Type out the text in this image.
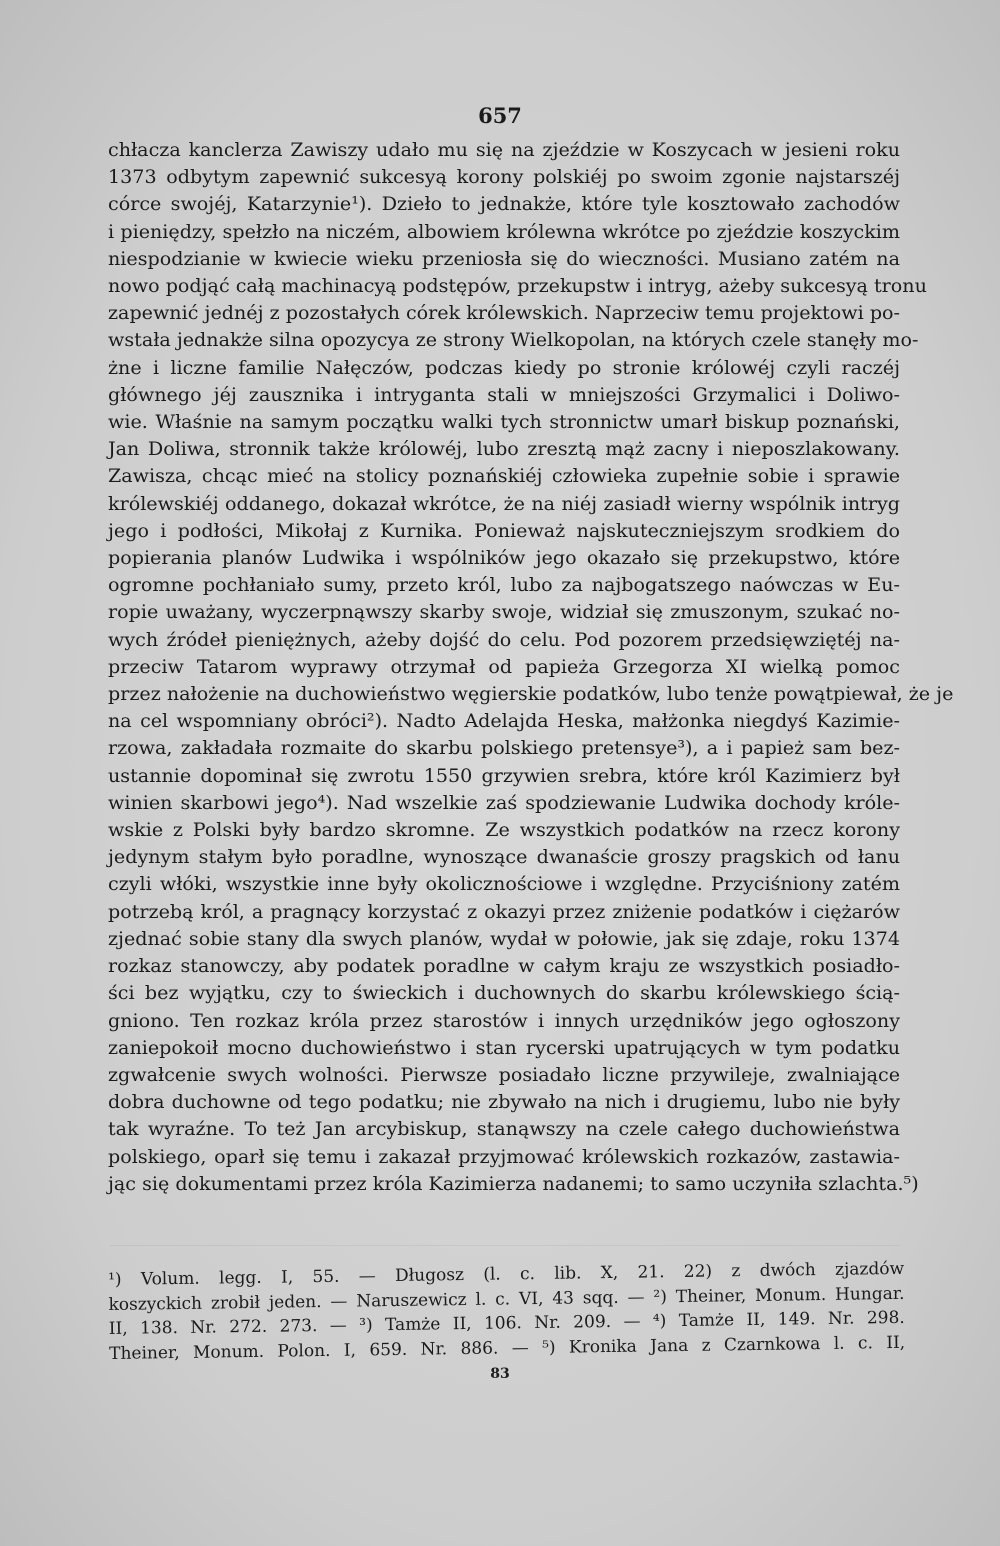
657
chłacza kanclerza Zawiszy udało mu się na zjeździe w Koszycach w jesieni roku
1373 odbytym zapewnić sukcesyą korony polskiéj po swoim zgonie najstarszéj
córce swojéj, Katarzynie¹). Dzieło to jednakże, które tyle kosztowało zachodów
i pieniędzy, spełzło na niczém, albowiem królewna wkrótce po zjeździe koszyckim
niespodzianie w kwiecie wieku przeniosła się do wieczności. Musiano zatém na
nowo podjąć całą machinacyą podstępów, przekupstw i intryg, ażeby sukcesyą tronu
zapewnić jednéj z pozostałych córek królewskich. Naprzeciw temu projektowi po-
wstała jednakże silna opozycya ze strony Wielkopolan, na których czele stanęły mo-
żne i liczne familie Nałęczów, podczas kiedy po stronie królowéj czyli raczéj
głównego jéj zausznika i intryganta stali w mniejszości Grzymalici i Doliwo-
wie. Właśnie na samym początku walki tych stronnictw umarł biskup poznański,
Jan Doliwa, stronnik także królowéj, lubo zresztą mąż zacny i nieposzlakowany.
Zawisza, chcąc mieć na stolicy poznańskiéj człowieka zupełnie sobie i sprawie
królewskiéj oddanego, dokazał wkrótce, że na niéj zasiadł wierny wspólnik intryg
jego i podłości, Mikołaj z Kurnika. Ponieważ najskuteczniejszym srodkiem do
popierania planów Ludwika i wspólników jego okazało się przekupstwo, które
ogromne pochłaniało sumy, przeto król, lubo za najbogatszego naówczas w Eu-
ropie uważany, wyczerpnąwszy skarby swoje, widział się zmuszonym, szukać no-
wych źródeł pieniężnych, ażeby dojść do celu. Pod pozorem przedsięwziętéj na-
przeciw Tatarom wyprawy otrzymał od papieża Grzegorza XI wielką pomoc
przez nałożenie na duchowieństwo węgierskie podatków, lubo tenże powątpiewał, że je
na cel wspomniany obróci²). Nadto Adelajda Heska, małżonka niegdyś Kazimie-
rzowa, zakładała rozmaite do skarbu polskiego pretensye³), a i papież sam bez-
ustannie dopominał się zwrotu 1550 grzywien srebra, które król Kazimierz był
winien skarbowi jego⁴). Nad wszelkie zaś spodziewanie Ludwika dochody króle-
wskie z Polski były bardzo skromne. Ze wszystkich podatków na rzecz korony
jedynym stałym było poradlne, wynoszące dwanaście groszy pragskich od łanu
czyli włóki, wszystkie inne były okolicznościowe i względne. Przyciśniony zatém
potrzebą król, a pragnący korzystać z okazyi przez zniżenie podatków i ciężarów
zjednać sobie stany dla swych planów, wydał w połowie, jak się zdaje, roku 1374
rozkaz stanowczy, aby podatek poradlne w całym kraju ze wszystkich posiadło-
ści bez wyjątku, czy to świeckich i duchownych do skarbu królewskiego ścią-
gniono. Ten rozkaz króla przez starostów i innych urzędników jego ogłoszony
zaniepokoił mocno duchowieństwo i stan rycerski upatrujących w tym podatku
zgwałcenie swych wolności. Pierwsze posiadało liczne przywileje, zwalniające
dobra duchowne od tego podatku; nie zbywało na nich i drugiemu, lubo nie były
tak wyraźne. To też Jan arcybiskup, stanąwszy na czele całego duchowieństwa
polskiego, oparł się temu i zakazał przyjmować królewskich rozkazów, zastawia-
jąc się dokumentami przez króla Kazimierza nadanemi; to samo uczyniła szlachta.⁵)
¹) Volum. legg. I, 55. — Długosz (l. c. lib. X, 21. 22) z dwóch zjazdów
koszyckich zrobił jeden. — Naruszewicz l. c. VI, 43 sqq. — ²) Theiner, Monum. Hungar.
II, 138. Nr. 272. 273. — ³) Tamże II, 106. Nr. 209. — ⁴) Tamże II, 149. Nr. 298.
Theiner, Monum. Polon. I, 659. Nr. 886. — ⁵) Kronika Jana z Czarnkowa l. c. II,
83
